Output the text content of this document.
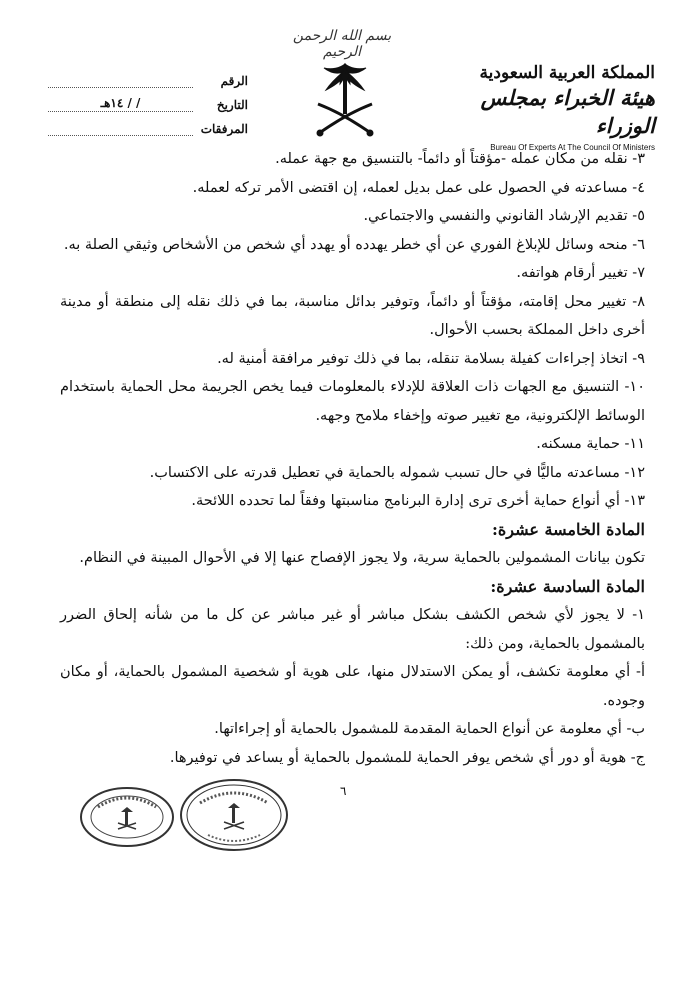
بسم الله الرحمن الرحيم
المملكة العربية السعودية
هيئة الخبراء بمجلس الوزراء
Bureau Of Experts At The Council Of Ministers
الرقم
التاريخ
/ / ١٤هـ
المرفقات

٣- نقله من مكان عمله -مؤقتاً أو دائماً- بالتنسيق مع جهة عمله.

٤- مساعدته في الحصول على عمل بديل لعمله، إن اقتضى الأمر تركه لعمله.

٥- تقديم الإرشاد القانوني والنفسي والاجتماعي.

٦- منحه وسائل للإبلاغ الفوري عن أي خطر يهدده أو يهدد أي شخص من الأشخاص وثيقي الصلة به.

٧- تغيير أرقام هواتفه.

٨- تغيير محل إقامته، مؤقتاً أو دائماً، وتوفير بدائل مناسبة، بما في ذلك نقله إلى منطقة أو مدينة أخرى داخل المملكة بحسب الأحوال.

٩- اتخاذ إجراءات كفيلة بسلامة تنقله، بما في ذلك توفير مرافقة أمنية له.

١٠- التنسيق مع الجهات ذات العلاقة للإدلاء بالمعلومات فيما يخص الجريمة محل الحماية باستخدام الوسائط الإلكترونية، مع تغيير صوته وإخفاء ملامح وجهه.

١١- حماية مسكنه.

١٢- مساعدته ماليًّا في حال تسبب شموله بالحماية في تعطيل قدرته على الاكتساب.

١٣- أي أنواع حماية أخرى ترى إدارة البرنامج مناسبتها وفقاً لما تحدده اللائحة.

المادة الخامسة عشرة:

تكون بيانات المشمولين بالحماية سرية، ولا يجوز الإفصاح عنها إلا في الأحوال المبينة في النظام.

المادة السادسة عشرة:

١- لا يجوز لأي شخص الكشف بشكل مباشر أو غير مباشر عن كل ما من شأنه إلحاق الضرر بالمشمول بالحماية، ومن ذلك:

أ- أي معلومة تكشف، أو يمكن الاستدلال منها، على هوية أو شخصية المشمول بالحماية، أو مكان وجوده.

ب- أي معلومة عن أنواع الحماية المقدمة للمشمول بالحماية أو إجراءاتها.

ج- هوية أو دور أي شخص يوفر الحماية للمشمول بالحماية أو يساعد في توفيرها.

٦
